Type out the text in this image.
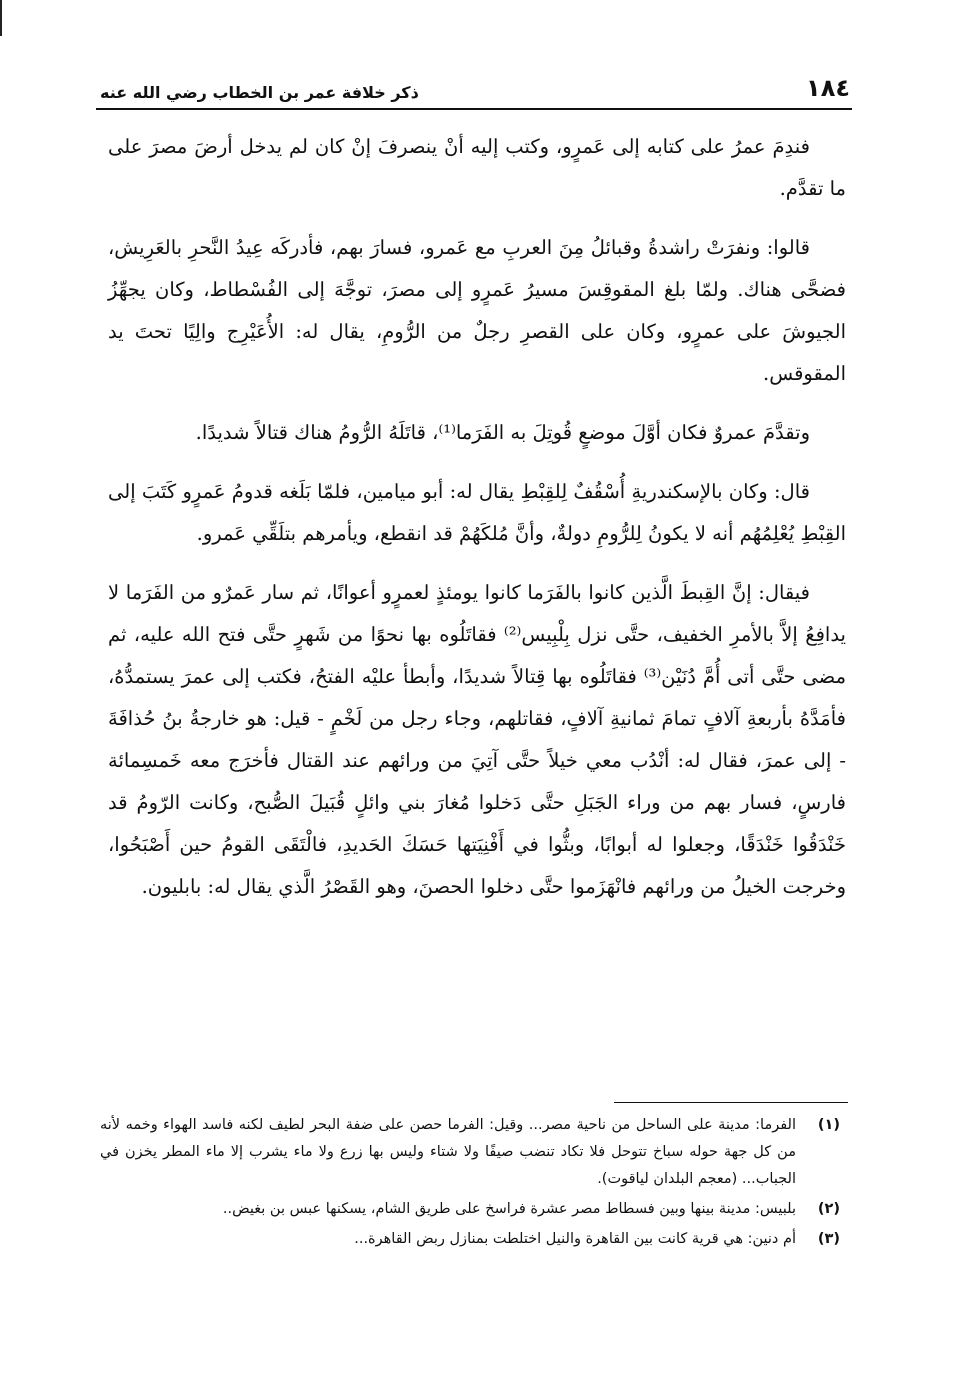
١٨٤
ذكر خلافة عمر بن الخطاب رضي الله عنه

فندِمَ عمرُ على كتابه إلى عَمرٍو، وكتب إليه أنْ ينصرفَ إنْ كان لم يدخل أرضَ مصرَ على ما تقدَّم.

قالوا: ونفرَتْ راشدةُ وقبائلُ مِنَ العربِ مع عَمرو، فسارَ بهم، فأدركَه عِيدُ النَّحرِ بالعَرِيش، فضحَّى هناك. ولمّا بلغ المقوقِسَ مسيرُ عَمرٍو إلى مصرَ، توجَّهَ إلى الفُسْطاط، وكان يجهِّزُ الجيوشَ على عمرٍو، وكان على القصرِ رجلٌ من الرُّومِ، يقال له: الأُعَيْرِج والِيًا تحتَ يد المقوقس.

وتقدَّمَ عمروٌ فكان أوَّلَ موضعٍ قُوتِلَ به الفَرَما⁽¹⁾، قاتَلَهُ الرُّومُ هناك قتالاً شديدًا.

قال: وكان بالإسكندريةِ أُسْقُفٌ لِلقِبْطِ يقال له: أبو ميامين، فلمّا بَلَغه قدومُ عَمرٍو كَتَبَ إلى القِبْطِ يُعْلِمُهُم أنه لا يكونُ لِلرُّومِ دولةٌ، وأنَّ مُلكَهُمْ قد انقطع، ويأمرهم بتلَقِّي عَمرو.

فيقال: إنَّ القِبطَ الَّذين كانوا بالفَرَما كانوا يومئذٍ لعمرٍو أعوانًا، ثم سار عَمرٌو من الفَرَما لا يدافِعُ إلاَّ بالأمرِ الخفيف، حتَّى نزل بِلْبِيس⁽²⁾ فقاتَلُوه بها نحوًا من شَهرٍ حتَّى فتح الله عليه، ثم مضى حتَّى أتى أُمَّ دُنَيْن⁽³⁾ فقاتَلُوه بها قِتالاً شديدًا، وأبطأ عليْه الفتحُ، فكتب إلى عمرَ يستمدُّهُ، فأمَدَّهُ بأربعةِ آلافٍ تمامَ ثمانيةِ آلافٍ، فقاتلهم، وجاء رجل من لَخْمٍ - قيل: هو خارجةُ بنُ حُذافَةَ - إلى عمرَ، فقال له: أنْدُب معي خيلاً حتَّى آتِيَ من ورائهم عند القتال فأخرَج معه خَمسِمائة فارسٍ، فسار بهم من وراء الجَبَلِ حتَّى دَخلوا مُغارَ بني وائلٍ قُبَيلَ الصُّبح، وكانت الرّومُ قد خَنْدَقُوا خَنْدَقًا، وجعلوا له أبوابًا، وبثُّوا في أَفْنِيَتها حَسَكَ الحَديدِ، فالْتَقَى القومُ حين أَصْبَحُوا، وخرجت الخيلُ من ورائهم فانْهَزَموا حتَّى دخلوا الحصنَ، وهو القَصْرُ الَّذي يقال له: بابليون.

(١)
الفرما: مدينة على الساحل من ناحية مصر... وقيل: الفرما حصن على ضفة البحر لطيف لكنه فاسد الهواء وخمه لأنه من كل جهة حوله سباخ تتوحل فلا تكاد تنضب صيفًا ولا شتاء وليس بها زرع ولا ماء يشرب إلا ماء المطر يخزن في الجباب... (معجم البلدان لياقوت).
(٢)
بلبيس: مدينة بينها وبين فسطاط مصر عشرة فراسخ على طريق الشام، يسكنها عبس بن بغيض..
(٣)
أم دنين: هي قرية كانت بين القاهرة والنيل اختلطت بمنازل ربض القاهرة...
